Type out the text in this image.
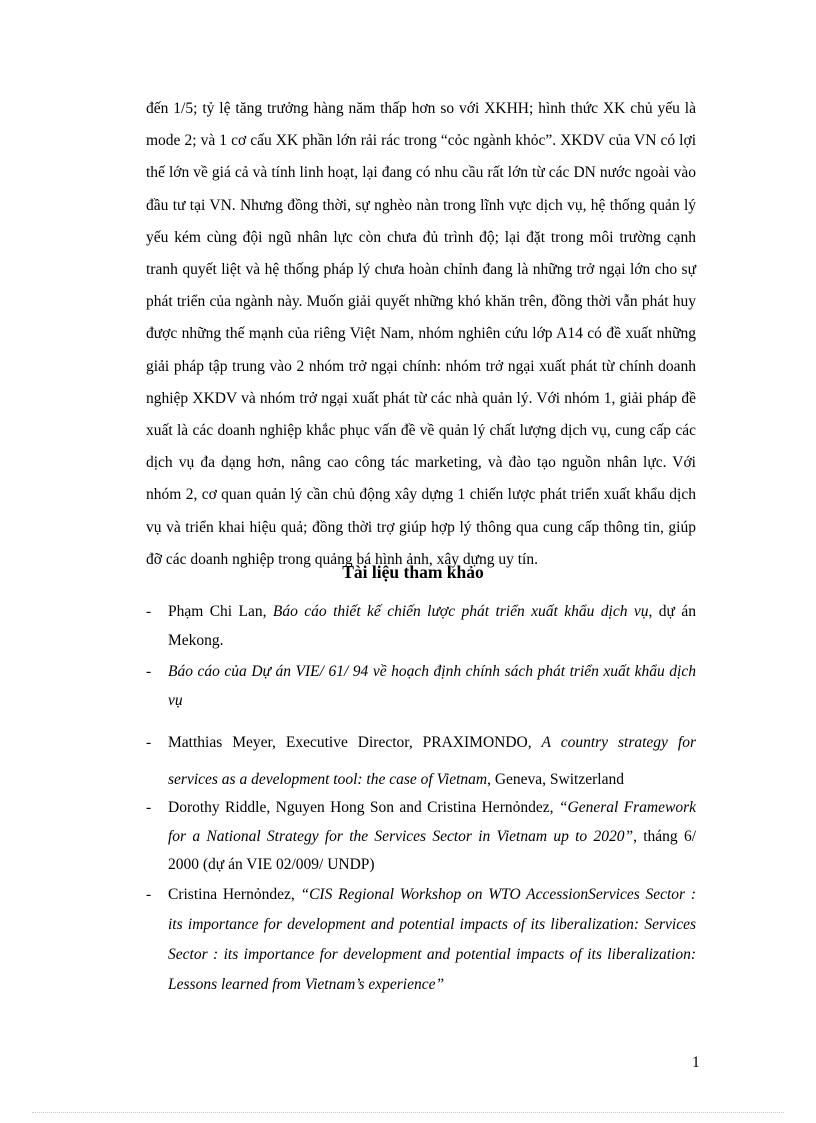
đến 1/5; tỷ lệ tăng trưởng hàng năm thấp hơn so với XKHH; hình thức XK chủ yếu là mode 2; và 1 cơ cấu XK phần lớn rải rác trong “cỏc ngành khỏc”. XKDV của VN có lợi thế lớn về giá cả và tính linh hoạt, lại đang có nhu cầu rất lớn từ các DN nước ngoài vào đầu tư tại VN. Nhưng đồng thời, sự nghèo nàn trong lĩnh vực dịch vụ, hệ thống quản lý yếu kém cùng đội ngũ nhân lực còn chưa đủ trình độ; lại đặt trong môi trường cạnh tranh quyết liệt và hệ thống pháp lý chưa hoàn chỉnh đang là những trở ngại lớn cho sự phát triển của ngành này. Muốn giải quyết những khó khăn trên, đồng thời vẫn phát huy được những thế mạnh của riêng Việt Nam, nhóm nghiên cứu lớp A14 có đề xuất những giải pháp tập trung vào 2 nhóm trở ngại chính: nhóm trở ngại xuất phát từ chính doanh nghiệp XKDV và nhóm trở ngại xuất phát từ các nhà quản lý. Với nhóm 1, giải pháp đề xuất là các doanh nghiệp khắc phục vấn đề về quản lý chất lượng dịch vụ, cung cấp các dịch vụ đa dạng hơn, nâng cao công tác marketing, và đào tạo nguồn nhân lực. Với nhóm 2, cơ quan quản lý cần chủ động xây dựng 1 chiến lược phát triển xuất khẩu dịch vụ và triển khai hiệu quả; đồng thời trợ giúp hợp lý thông qua cung cấp thông tin, giúp đỡ các doanh nghiệp trong quảng bá hình ảnh, xây dựng uy tín.

Tài liệu tham khảo
-	Phạm Chi Lan, Báo cáo thiết kế chiến lược phát triển xuất khẩu dịch vụ, dự án Mekong.
-	Báo cáo của Dự án VIE/ 61/ 94 về hoạch định chính sách phát triển xuất khẩu dịch vụ
-	Matthias Meyer, Executive Director, PRAXIMONDO, A country strategy for services as a development tool: the case of Vietnam, Geneva, Switzerland
-	Dorothy Riddle, Nguyen Hong Son and Cristina Hernỏndez, “General Framework for a National Strategy for the Services Sector in Vietnam up to 2020”, tháng 6/ 2000 (dự án VIE 02/009/ UNDP)
-	Cristina Hernỏndez, “CIS Regional Workshop on WTO AccessionServices Sector : its importance for development and potential impacts of its liberalization: Services Sector : its importance for development and potential impacts of its liberalization: Lessons learned from Vietnam’s experience”
1
